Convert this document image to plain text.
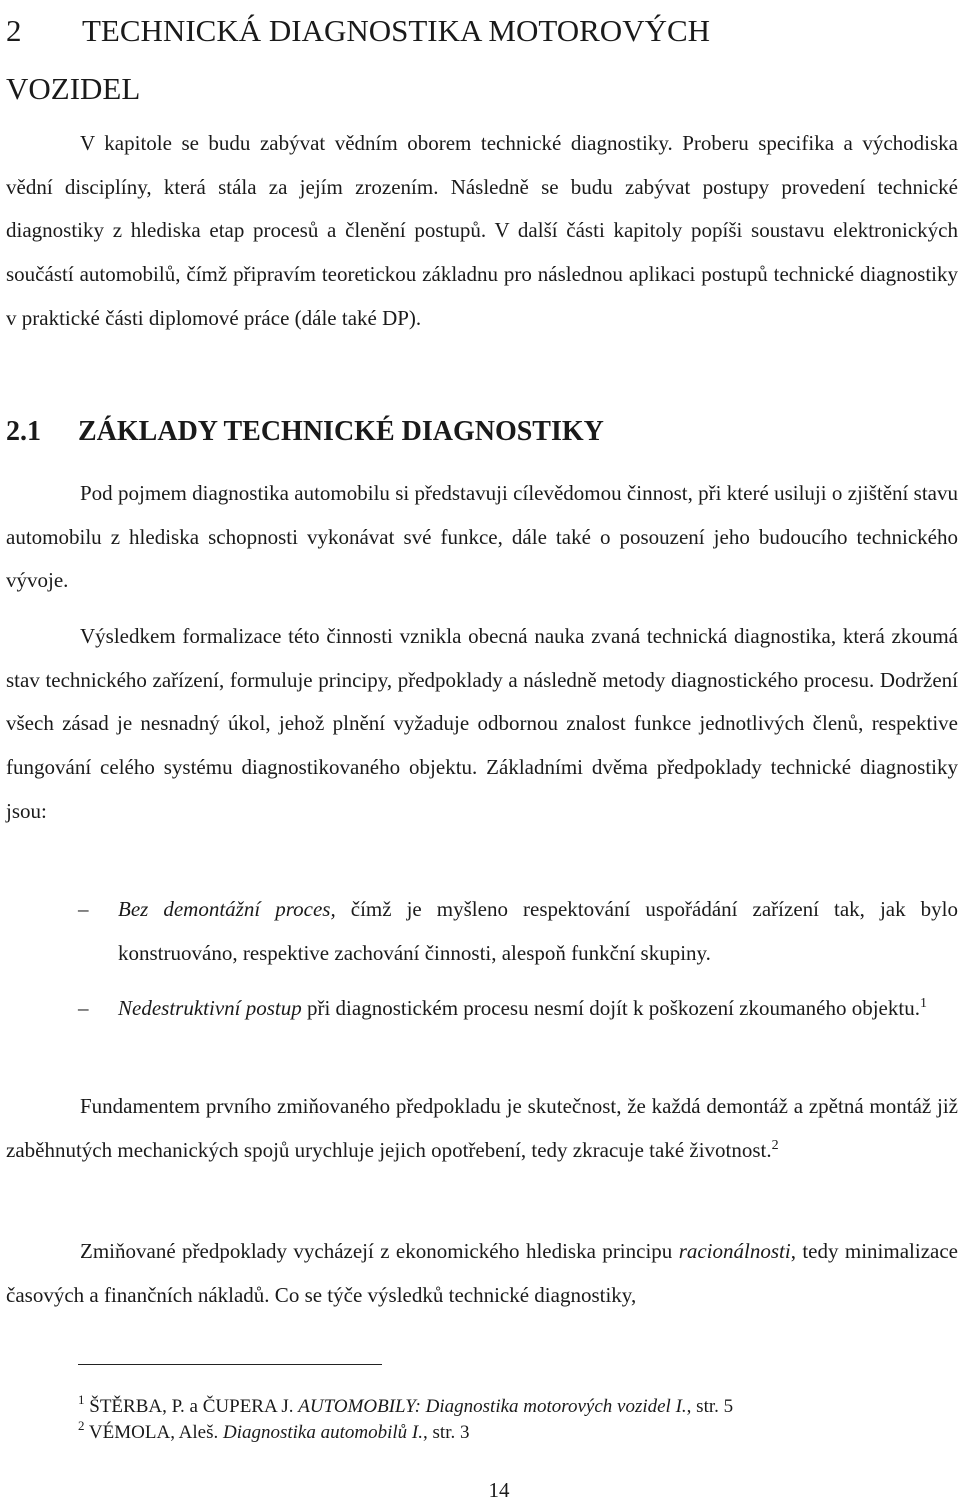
2 TECHNICKÁ DIAGNOSTIKA MOTOROVÝCH
VOZIDEL

V kapitole se budu zabývat vědním oborem technické diagnostiky. Proberu specifika a východiska vědní disciplíny, která stála za jejím zrozením. Následně se budu zabývat postupy provedení technické diagnostiky z hlediska etap procesů a členění postupů. V další části kapitoly popíši soustavu elektronických součástí automobilů, čímž připravím teoretickou základnu pro následnou aplikaci postupů technické diagnostiky v praktické části diplomové práce (dále také DP).

2.1 ZÁKLADY TECHNICKÉ DIAGNOSTIKY

Pod pojmem diagnostika automobilu si představuji cílevědomou činnost, při které usiluji o zjištění stavu automobilu z hlediska schopnosti vykonávat své funkce, dále také o posouzení jeho budoucího technického vývoje.

Výsledkem formalizace této činnosti vznikla obecná nauka zvaná technická diagnostika, která zkoumá stav technického zařízení, formuluje principy, předpoklady a následně metody diagnostického procesu. Dodržení všech zásad je nesnadný úkol, jehož plnění vyžaduje odbornou znalost funkce jednotlivých členů, respektive fungování celého systému diagnostikovaného objektu. Základními dvěma předpoklady technické diagnostiky jsou:

–	Bez demontážní proces, čímž je myšleno respektování uspořádání zařízení tak, jak bylo konstruováno, respektive zachování činnosti, alespoň funkční skupiny.
–	Nedestruktivní postup při diagnostickém procesu nesmí dojít k poškození zkoumaného objektu.$^1$

Fundamentem prvního zmiňovaného předpokladu je skutečnost, že každá demontáž a zpětná montáž již zaběhnutých mechanických spojů urychluje jejich opotřebení, tedy zkracuje také životnost.$^2$

Zmiňované předpoklady vycházejí z ekonomického hlediska principu racionálnosti, tedy minimalizace časových a finančních nákladů. Co se týče výsledků technické diagnostiky,

$^1$ ŠTĚRBA, P. a ČUPERA J. AUTOMOBILY: Diagnostika motorových vozidel I., str. 5

$^2$ VÉMOLA, Aleš. Diagnostika automobilů I., str. 3

14
